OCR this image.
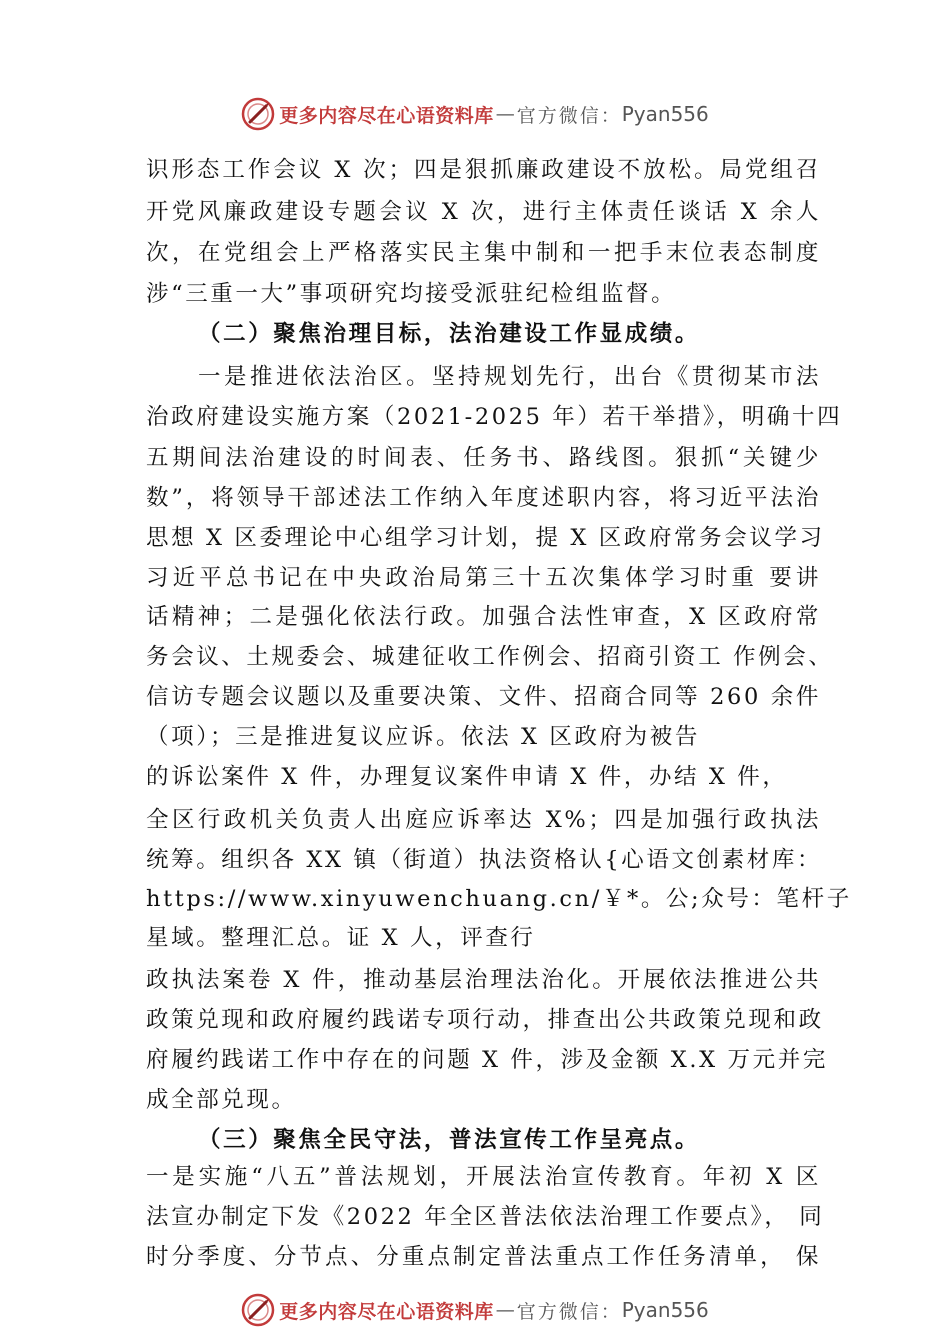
更多内容尽在心语资料库 — 官方微信： Pyan556
识形态工作会议 X 次；四是狠抓廉政建设不放松。局党组召
开党风廉政建设专题会议 X 次，进行主体责任谈话 X 余人
次，在党组会上严格落实民主集中制和一把手末位表态制度
涉“三重一大”事项研究均接受派驻纪检组监督。
（二）聚焦治理目标，法治建设工作显成绩。
一是推进依法治区。坚持规划先行，出台《贯彻某市法
治政府建设实施方案（2021-2025 年）若干举措》，明确十四
五期间法治建设的时间表、任务书、路线图。狠抓“关键少
数”，将领导干部述法工作纳入年度述职内容，将习近平法治
思想 X 区委理论中心组学习计划，提 X 区政府常务会议学习
习近平总书记在中央政治局第三十五次集体学习时重 要讲
话精神；二是强化依法行政。加强合法性审查，X 区政府常
务会议、土规委会、城建征收工作例会、招商引资工 作例会、
信访专题会议题以及重要决策、文件、招商合同等 260 余件
（项）；三是推进复议应诉。依法 X 区政府为被告
的诉讼案件 X 件，办理复议案件申请 X 件，办结 X 件，
全区行政机关负责人出庭应诉率达 X%；四是加强行政执法
统筹。组织各 XX 镇（街道）执法资格认{心语文创素材库：
https://www.xinyuwenchuang.cn/￥*。公;众号：笔杆子
星域。整理汇总。证 X 人，评查行
政执法案卷 X 件，推动基层治理法治化。开展依法推进公共
政策兑现和政府履约践诺专项行动，排查出公共政策兑现和政
府履约践诺工作中存在的问题 X 件，涉及金额 X.X 万元并完
成全部兑现。
（三）聚焦全民守法，普法宣传工作呈亮点。
一是实施“八五”普法规划，开展法治宣传教育。年初 X 区
法宣办制定下发《2022 年全区普法依法治理工作要点》， 同
时分季度、分节点、分重点制定普法重点工作任务清单， 保
更多内容尽在心语资料库 — 官方微信： Pyan556
